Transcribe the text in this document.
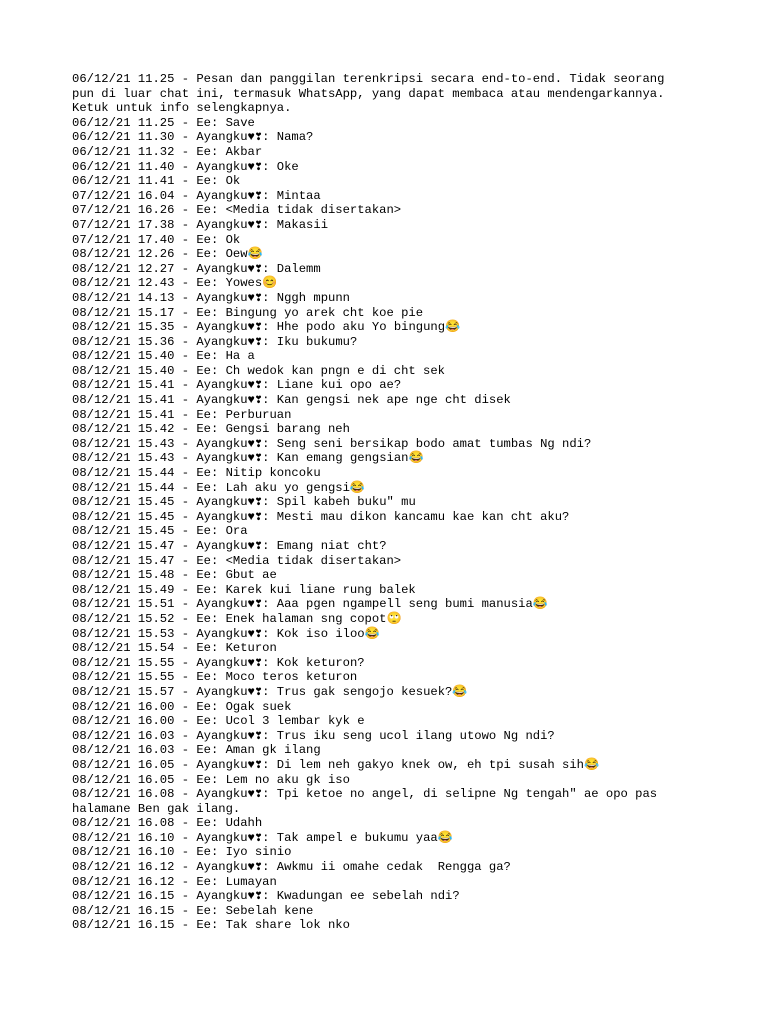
06/12/21 11.25 - Pesan dan panggilan terenkripsi secara end-to-end. Tidak seorang
pun di luar chat ini, termasuk WhatsApp, yang dapat membaca atau mendengarkannya.
Ketuk untuk info selengkapnya.
06/12/21 11.25 - Ee: Save
06/12/21 11.30 - Ayangku♥❣: Nama?
06/12/21 11.32 - Ee: Akbar
06/12/21 11.40 - Ayangku♥❣: Oke
06/12/21 11.41 - Ee: Ok
07/12/21 16.04 - Ayangku♥❣: Mintaa
07/12/21 16.26 - Ee: <Media tidak disertakan>
07/12/21 17.38 - Ayangku♥❣: Makasii
07/12/21 17.40 - Ee: Ok
08/12/21 12.26 - Ee: Oew😂
08/12/21 12.27 - Ayangku♥❣: Dalemm
08/12/21 12.43 - Ee: Yowes😊
08/12/21 14.13 - Ayangku♥❣: Nggh mpunn
08/12/21 15.17 - Ee: Bingung yo arek cht koe pie
08/12/21 15.35 - Ayangku♥❣: Hhe podo aku Yo bingung😂
08/12/21 15.36 - Ayangku♥❣: Iku bukumu?
08/12/21 15.40 - Ee: Ha a
08/12/21 15.40 - Ee: Ch wedok kan pngn e di cht sek
08/12/21 15.41 - Ayangku♥❣: Liane kui opo ae?
08/12/21 15.41 - Ayangku♥❣: Kan gengsi nek ape nge cht disek
08/12/21 15.41 - Ee: Perburuan
08/12/21 15.42 - Ee: Gengsi barang neh
08/12/21 15.43 - Ayangku♥❣: Seng seni bersikap bodo amat tumbas Ng ndi?
08/12/21 15.43 - Ayangku♥❣: Kan emang gengsian😂
08/12/21 15.44 - Ee: Nitip koncoku
08/12/21 15.44 - Ee: Lah aku yo gengsi😂
08/12/21 15.45 - Ayangku♥❣: Spil kabeh buku" mu
08/12/21 15.45 - Ayangku♥❣: Mesti mau dikon kancamu kae kan cht aku?
08/12/21 15.45 - Ee: Ora
08/12/21 15.47 - Ayangku♥❣: Emang niat cht?
08/12/21 15.47 - Ee: <Media tidak disertakan>
08/12/21 15.48 - Ee: Gbut ae
08/12/21 15.49 - Ee: Karek kui liane rung balek
08/12/21 15.51 - Ayangku♥❣: Aaa pgen ngampell seng bumi manusia😂
08/12/21 15.52 - Ee: Enek halaman sng copot🙄
08/12/21 15.53 - Ayangku♥❣: Kok iso iloo😂
08/12/21 15.54 - Ee: Keturon
08/12/21 15.55 - Ayangku♥❣: Kok keturon?
08/12/21 15.55 - Ee: Moco teros keturon
08/12/21 15.57 - Ayangku♥❣: Trus gak sengojo kesuek?😂
08/12/21 16.00 - Ee: Ogak suek
08/12/21 16.00 - Ee: Ucol 3 lembar kyk e
08/12/21 16.03 - Ayangku♥❣: Trus iku seng ucol ilang utowo Ng ndi?
08/12/21 16.03 - Ee: Aman gk ilang
08/12/21 16.05 - Ayangku♥❣: Di lem neh gakyo knek ow, eh tpi susah sih😂
08/12/21 16.05 - Ee: Lem no aku gk iso
08/12/21 16.08 - Ayangku♥❣: Tpi ketoe no angel, di selipne Ng tengah" ae opo pas
halamane Ben gak ilang.
08/12/21 16.08 - Ee: Udahh
08/12/21 16.10 - Ayangku♥❣: Tak ampel e bukumu yaa😂
08/12/21 16.10 - Ee: Iyo sinio
08/12/21 16.12 - Ayangku♥❣: Awkmu ii omahe cedak  Rengga ga?
08/12/21 16.12 - Ee: Lumayan
08/12/21 16.15 - Ayangku♥❣: Kwadungan ee sebelah ndi?
08/12/21 16.15 - Ee: Sebelah kene
08/12/21 16.15 - Ee: Tak share lok nko
